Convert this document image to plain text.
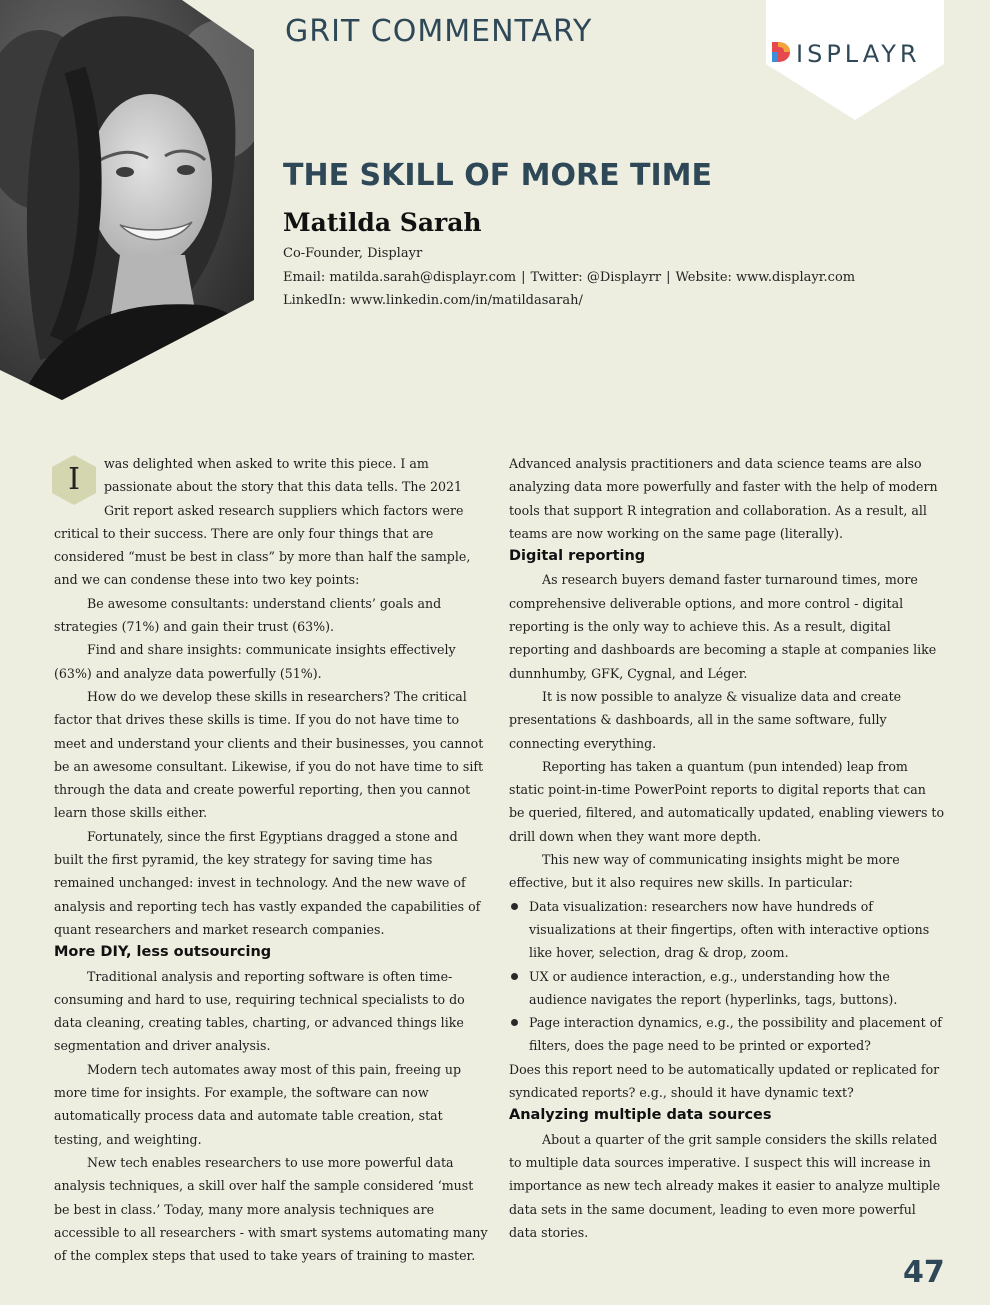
GRIT COMMENTARY
ISPLAYR
THE SKILL OF MORE TIME
Matilda Sarah
Co-Founder, Displayr
Email: matilda.sarah@displayr.com | Twitter: @Displayrr | Website: www.displayr.com
LinkedIn: www.linkedin.com/in/matildasarah/
I	was delighted when asked to write this piece. I am passionate about the story that this data tells. The 2021 Grit report asked research suppliers which factors were critical to their success. There are only four things that are considered “must be best in class” by more than half the sample, and we can condense these into two key points:

Be awesome consultants: understand clients’ goals and strategies (71%) and gain their trust (63%).

Find and share insights: communicate insights effectively (63%) and analyze data powerfully (51%).

How do we develop these skills in researchers? The critical factor that drives these skills is time. If you do not have time to meet and understand your clients and their businesses, you cannot be an awesome consultant. Likewise, if you do not have time to sift through the data and create powerful reporting, then you cannot learn those skills either.

Fortunately, since the first Egyptians dragged a stone and built the first pyramid, the key strategy for saving time has remained unchanged: invest in technology. And the new wave of analysis and reporting tech has vastly expanded the capabilities of quant researchers and market research companies.

More DIY, less outsourcing

Traditional analysis and reporting software is often time-consuming and hard to use, requiring technical specialists to do data cleaning, creating tables, charting, or advanced things like segmentation and driver analysis.

Modern tech automates away most of this pain, freeing up more time for insights. For example, the software can now automatically process data and automate table creation, stat testing, and weighting.

New tech enables researchers to use more powerful data analysis techniques, a skill over half the sample considered ‘must be best in class.’ Today, many more analysis techniques are accessible to all researchers - with smart systems automating many of the complex steps that used to take years of training to master.

Advanced analysis practitioners and data science teams are also analyzing data more powerfully and faster with the help of modern tools that support R integration and collaboration. As a result, all teams are now working on the same page (literally).

Digital reporting

As research buyers demand faster turnaround times, more comprehensive deliverable options, and more control - digital reporting is the only way to achieve this. As a result, digital reporting and dashboards are becoming a staple at companies like dunnhumby, GFK, Cygnal, and Léger.

It is now possible to analyze & visualize data and create presentations & dashboards, all in the same software, fully connecting everything.

Reporting has taken a quantum (pun intended) leap from static point-in-time PowerPoint reports to digital reports that can be queried, filtered, and automatically updated, enabling viewers to drill down when they want more depth.

This new way of communicating insights might be more effective, but it also requires new skills. In particular:

Data visualization: researchers now have hundreds of visualizations at their fingertips, often with interactive options like hover, selection, drag & drop, zoom.
UX or audience interaction, e.g., understanding how the audience navigates the report (hyperlinks, tags, buttons).
Page interaction dynamics, e.g., the possibility and placement of filters, does the page need to be printed or exported?

Does this report need to be automatically updated or replicated for syndicated reports? e.g., should it have dynamic text?

Analyzing multiple data sources

About a quarter of the grit sample considers the skills related to multiple data sources imperative. I suspect this will increase in importance as new tech already makes it easier to analyze multiple data sets in the same document, leading to even more powerful data stories.

47
